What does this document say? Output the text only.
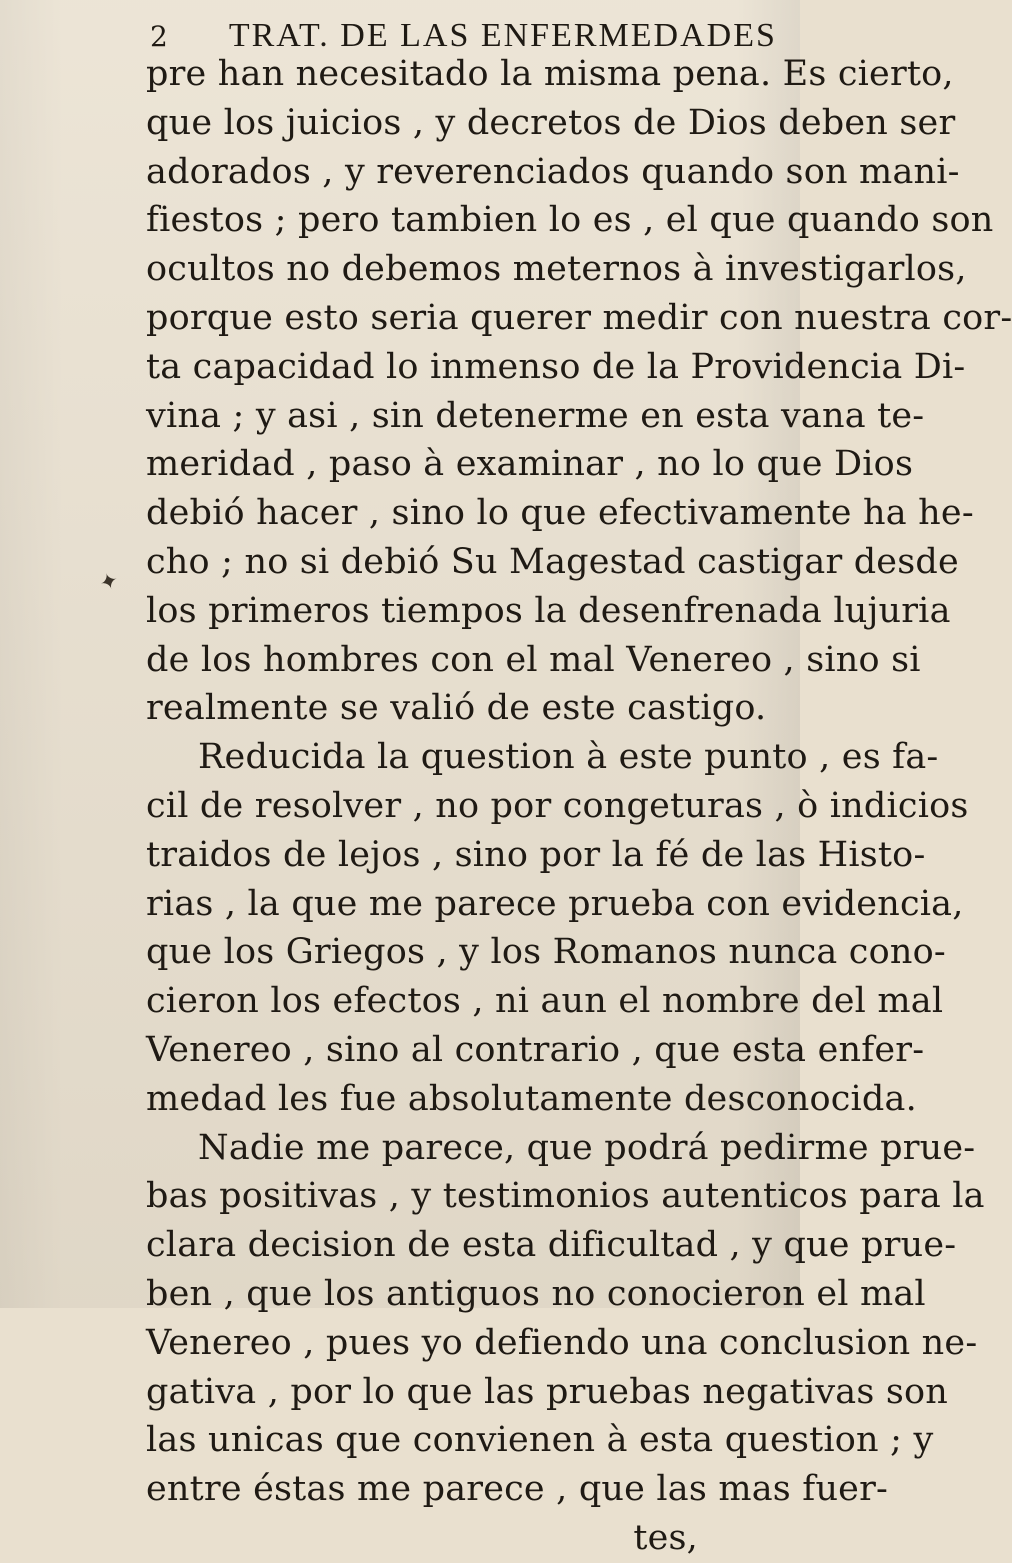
2 TRAT. DE LAS ENFERMEDADES
✦
pre han necesitado la misma pena. Es cierto,
que los juicios , y decretos de Dios deben ser
adorados , y reverenciados quando son mani-
fiestos ; pero tambien lo es , el que quando son
ocultos no debemos meternos à investigarlos,
porque esto seria querer medir con nuestra cor-
ta capacidad lo inmenso de la Providencia Di-
vina ; y asi , sin detenerme en esta vana te-
meridad , paso à examinar , no lo que Dios
debió hacer , sino lo que efectivamente ha he-
cho ; no si debió Su Magestad castigar desde
los primeros tiempos la desenfrenada lujuria
de los hombres con el mal Venereo , sino si
realmente se valió de este castigo.
Reducida la question à este punto , es fa-
cil de resolver , no por congeturas , ò indicios
traidos de lejos , sino por la fé de las Histo-
rias , la que me parece prueba con evidencia,
que los Griegos , y los Romanos nunca cono-
cieron los efectos , ni aun el nombre del mal
Venereo , sino al contrario , que esta enfer-
medad les fue absolutamente desconocida.
Nadie me parece, que podrá pedirme prue-
bas positivas , y testimonios autenticos para la
clara decision de esta dificultad , y que prue-
ben , que los antiguos no conocieron el mal
Venereo , pues yo defiendo una conclusion ne-
gativa , por lo que las pruebas negativas son
las unicas que convienen à esta question ; y
entre éstas me parece , que las mas fuer-
tes,
